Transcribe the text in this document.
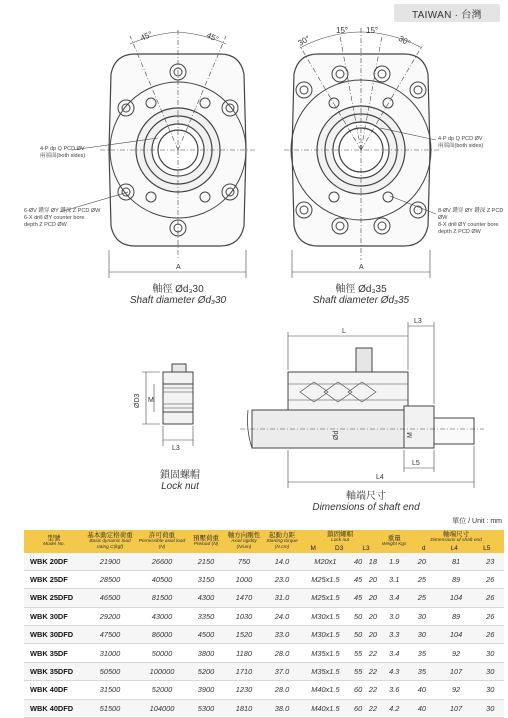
TAIWAN · 台灣
45°	45°
A
30°
15° 15°
30°
A
ØD3 M
L3
L
L3
L4
L5
Ød	M
4-P dp Q PCD ØV
兩端面(both sides)
6-ØV 鑽穿 ØY 鑽深 Z PCD ØW
6-X drill ØY counter bore
depth Z PCD ØW
4-P dp Q PCD ØV
兩端面(both sides)
8-ØV 鑽穿 ØY 鑽深 Z PCD ØW
8-X drill ØY counter bore
depth Z PCD ØW
軸徑 Ød₃30
Shaft diameter Ød₃30
軸徑 Ød₃35
Shaft diameter Ød₃35
鎖固螺帽
Lock nut
軸端尺寸
Dimensions of shaft end
單位 / Unit : mm
型號
Model No.	基本動定格荷重
Basic dynamic load rating C(kgf)	許可荷重
Permissible axial load (N)	預壓荷重
Preload (N)	軸方向剛性
Axial rigidity (N/um)	起動力距
Starting torque (N.cm)	鎖固螺帽
Lock nut
M D3 L3			重量
Weight Kgs	軸端尺寸
Dimensions of shaft end
d L4 L5		

WBK 20DF	21900	26600	2150	750	14.0	M20x1	40	18	1.9	20	81	23
WBK 25DF	28500	40500	3150	1000	23.0	M25x1.5	45	20	3.1	25	89	26
WBK 25DFD	46500	81500	4300	1470	31.0	M25x1.5	45	20	3.4	25	104	26
WBK 30DF	29200	43000	3350	1030	24.0	M30x1.5	50	20	3.0	30	89	26
WBK 30DFD	47500	86000	4500	1520	33.0	M30x1.5	50	20	3.3	30	104	26
WBK 35DF	31000	50000	3800	1180	28.0	M35x1.5	55	22	3.4	35	92	30
WBK 35DFD	50500	100000	5200	1710	37.0	M35x1.5	55	22	4.3	35	107	30
WBK 40DF	31500	52000	3900	1230	28.0	M40x1.5	60	22	3.6	40	92	30
WBK 40DFD	51500	104000	5300	1810	38.0	M40x1.5	60	22	4.2	40	107	30
